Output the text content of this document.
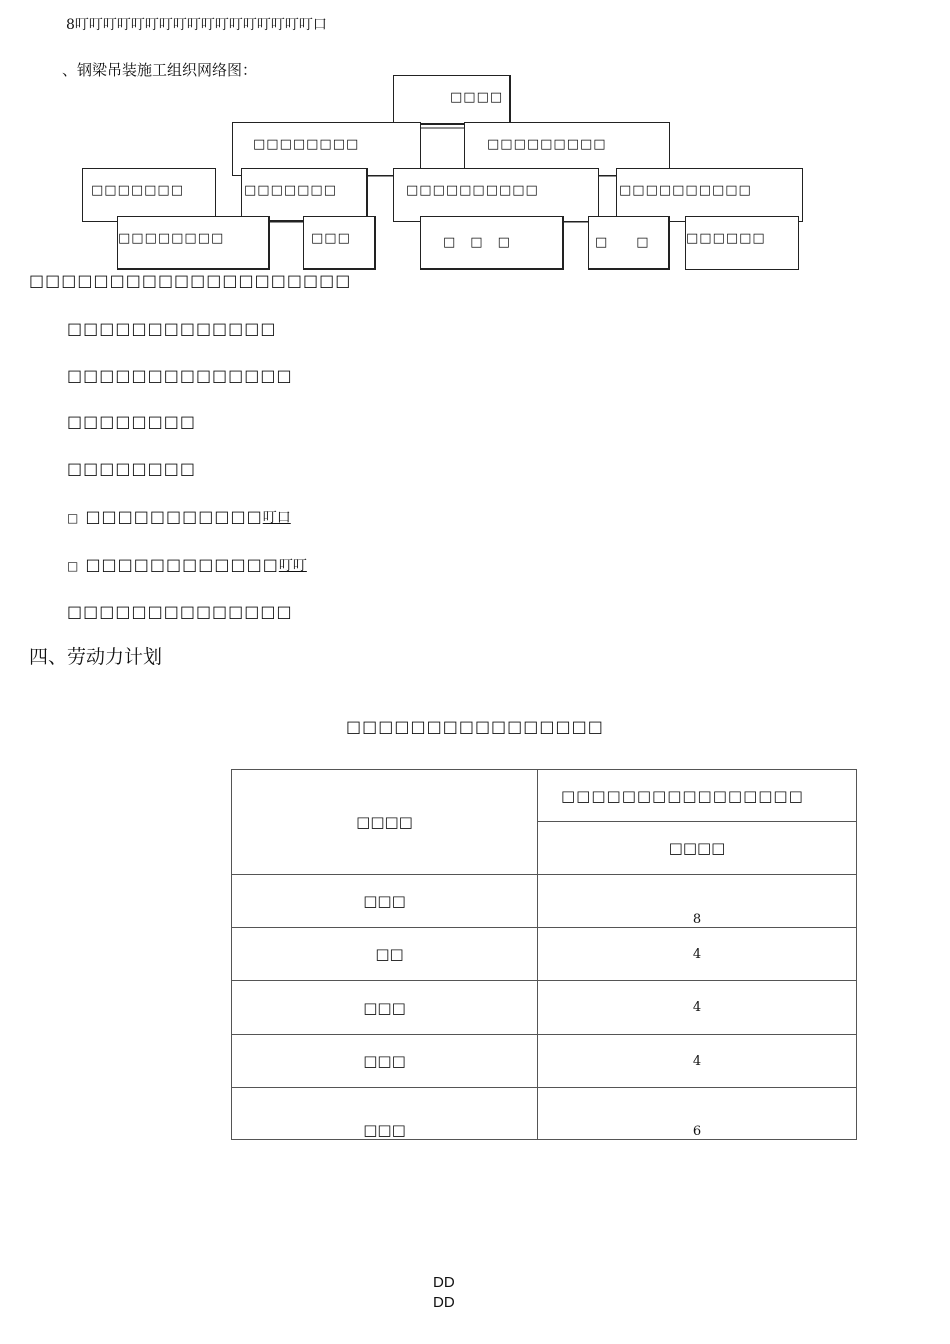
8叮叮叮叮叮叮叮叮叮叮叮叮叮叮叮叮叮口
、钢梁吊装施工组织网络图：
□□□□
□□□□□□□□	□□□□□□□□□
□□□□□□□	□□□□□□□	□□□□□□□□□□	□□□□□□□□□□
□□□□□□□□	□□□	□　□　□	□　　□	□□□□□□
□□□□□□□□□□□□□□□□□□□□
□□□□□□□□□□□□□
□□□□□□□□□□□□□□
□□□□□□□□
□□□□□□□□
□ □□□□□□□□□□□叮口
□ □□□□□□□□□□□□叮叮
□□□□□□□□□□□□□□
四、劳动力计划
□□□□□□□□□□□□□□□□
□□□□	□□□□□□□□□□□□□□□□
	□□□□
□□□	8
□□	4
□□□	4
□□□	4
□□□	6
DD
DD
